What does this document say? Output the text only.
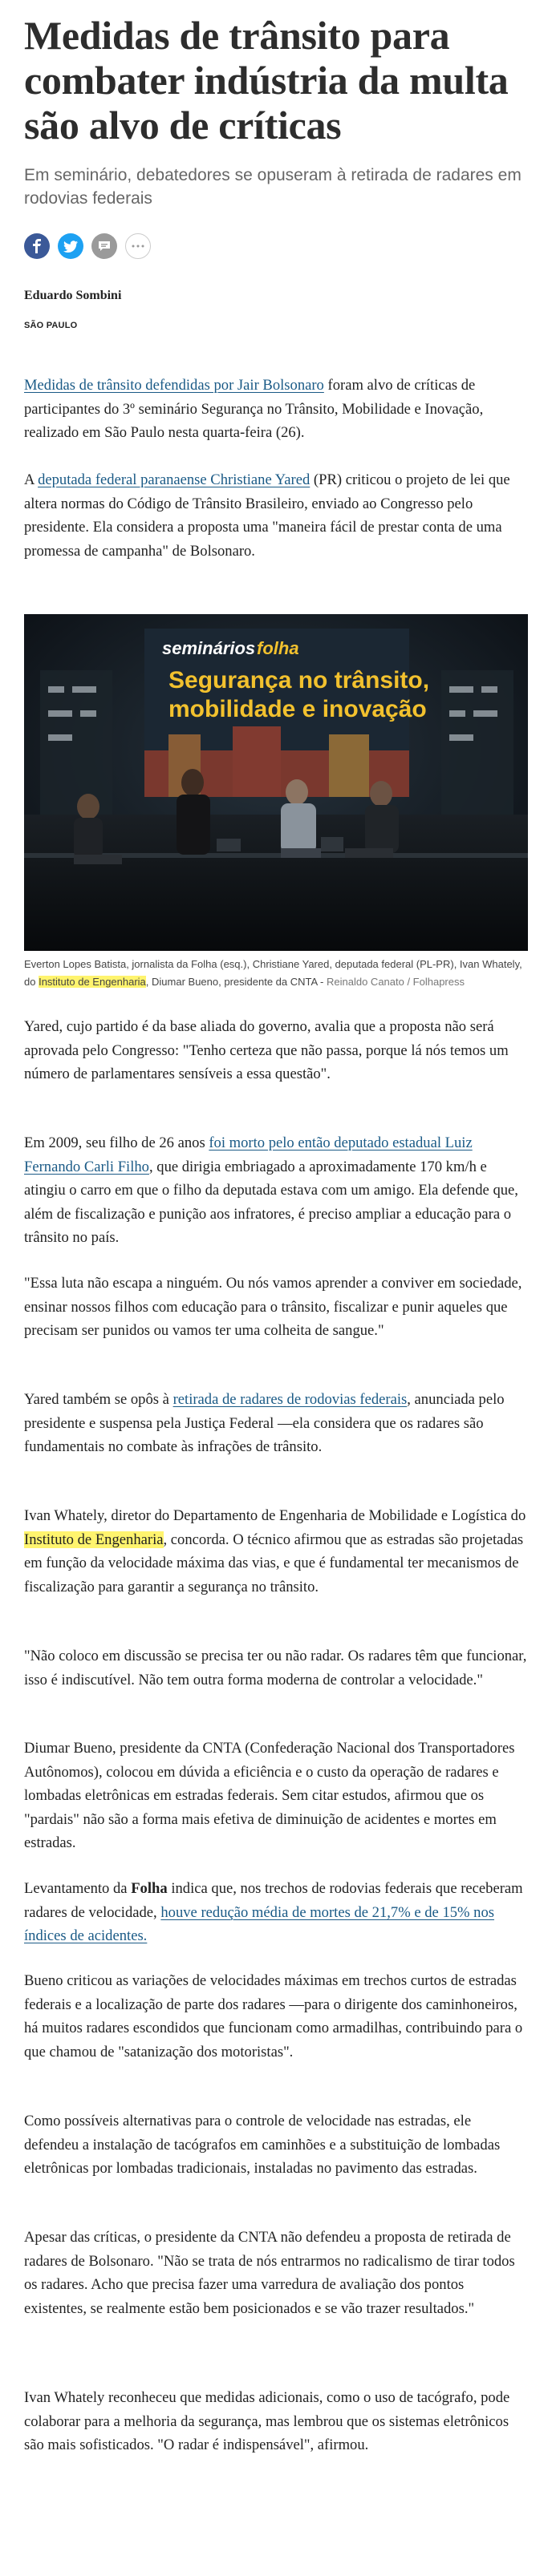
Medidas de trânsito para combater indústria da multa são alvo de críticas

Em seminário, debatedores se opuseram à retirada de radares em rodovias federais

Eduardo Sombini
SÃO PAULO

Medidas de trânsito defendidas por Jair Bolsonaro foram alvo de críticas de participantes do 3º seminário Segurança no Trânsito, Mobilidade e Inovação, realizado em São Paulo nesta quarta-feira (26).

A deputada federal paranaense Christiane Yared (PR) criticou o projeto de lei que altera normas do Código de Trânsito Brasileiro, enviado ao Congresso pelo presidente. Ela considera a proposta uma "maneira fácil de prestar conta de uma promessa de campanha" de Bolsonaro.

seminários folha
Segurança no trânsito,
mobilidade e inovação
Everton Lopes Batista, jornalista da Folha (esq.), Christiane Yared, deputada federal (PL-PR), Ivan Whately, do Instituto de Engenharia, Diumar Bueno, presidente da CNTA - Reinaldo Canato / Folhapress

Yared, cujo partido é da base aliada do governo, avalia que a proposta não será aprovada pelo Congresso: "Tenho certeza que não passa, porque lá nós temos um número de parlamentares sensíveis a essa questão".

Em 2009, seu filho de 26 anos foi morto pelo então deputado estadual Luiz Fernando Carli Filho, que dirigia embriagado a aproximadamente 170 km/h e atingiu o carro em que o filho da deputada estava com um amigo. Ela defende que, além de fiscalização e punição aos infratores, é preciso ampliar a educação para o trânsito no país.

"Essa luta não escapa a ninguém. Ou nós vamos aprender a conviver em sociedade, ensinar nossos filhos com educação para o trânsito, fiscalizar e punir aqueles que precisam ser punidos ou vamos ter uma colheita de sangue."

Yared também se opôs à retirada de radares de rodovias federais, anunciada pelo presidente e suspensa pela Justiça Federal —ela considera que os radares são fundamentais no combate às infrações de trânsito.

Ivan Whately, diretor do Departamento de Engenharia de Mobilidade e Logística do Instituto de Engenharia, concorda. O técnico afirmou que as estradas são projetadas em função da velocidade máxima das vias, e que é fundamental ter mecanismos de fiscalização para garantir a segurança no trânsito.

"Não coloco em discussão se precisa ter ou não radar. Os radares têm que funcionar, isso é indiscutível. Não tem outra forma moderna de controlar a velocidade."

Diumar Bueno, presidente da CNTA (Confederação Nacional dos Transportadores Autônomos), colocou em dúvida a eficiência e o custo da operação de radares e lombadas eletrônicas em estradas federais. Sem citar estudos, afirmou que os "pardais" não são a forma mais efetiva de diminuição de acidentes e mortes em estradas.

Levantamento da Folha indica que, nos trechos de rodovias federais que receberam radares de velocidade, houve redução média de mortes de 21,7% e de 15% nos índices de acidentes.

Bueno criticou as variações de velocidades máximas em trechos curtos de estradas federais e a localização de parte dos radares —para o dirigente dos caminhoneiros, há muitos radares escondidos que funcionam como armadilhas, contribuindo para o que chamou de "satanização dos motoristas".

Como possíveis alternativas para o controle de velocidade nas estradas, ele defendeu a instalação de tacógrafos em caminhões e a substituição de lombadas eletrônicas por lombadas tradicionais, instaladas no pavimento das estradas.

Apesar das críticas, o presidente da CNTA não defendeu a proposta de retirada de radares de Bolsonaro. "Não se trata de nós entrarmos no radicalismo de tirar todos os radares. Acho que precisa fazer uma varredura de avaliação dos pontos existentes, se realmente estão bem posicionados e se vão trazer resultados."

Ivan Whately reconheceu que medidas adicionais, como o uso de tacógrafo, pode colaborar para a melhoria da segurança, mas lembrou que os sistemas eletrônicos são mais sofisticados. "O radar é indispensável", afirmou.
